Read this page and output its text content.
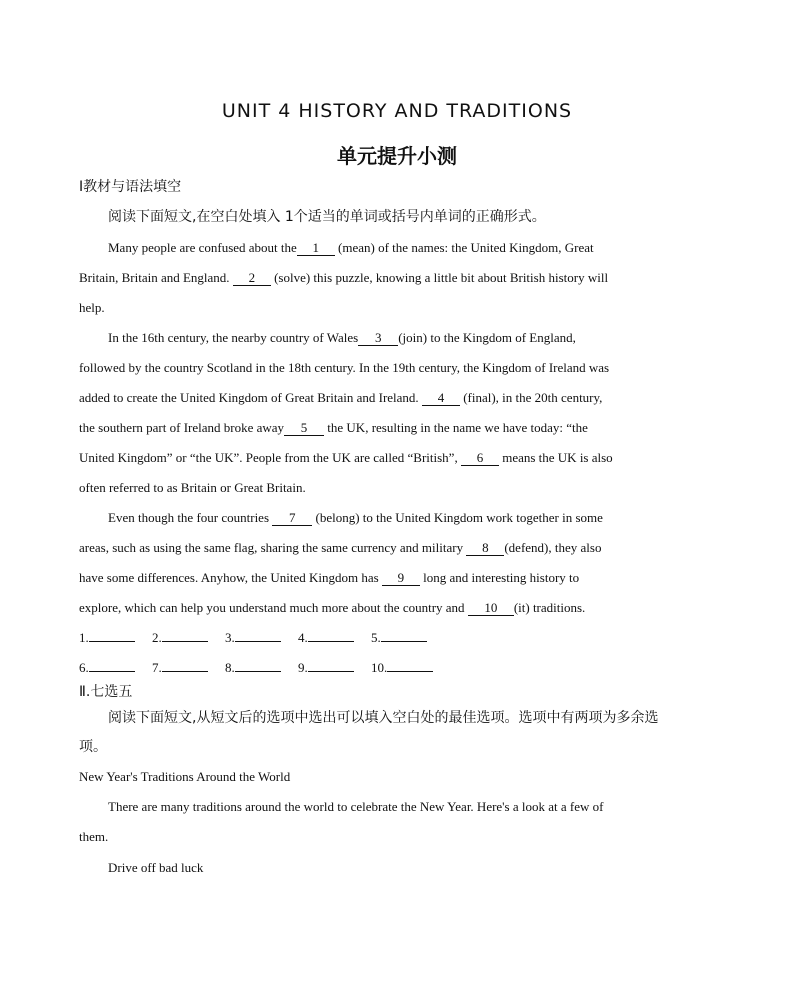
UNIT 4 HISTORY AND TRADITIONS
单元提升小测
Ⅰ教材与语法填空
阅读下面短文,在空白处填入 1个适当的单词或括号内单词的正确形式。
Many people are confused about the 1 (mean) of the names: the United Kingdom, Great
Britain, Britain and England. 2 (solve) this puzzle, knowing a little bit about British history will
help.
In the 16th century, the nearby country of Wales 3 (join) to the Kingdom of England,
followed by the country Scotland in the 18th century. In the 19th century, the Kingdom of Ireland was
added to create the United Kingdom of Great Britain and Ireland. 4 (final), in the 20th century,
the southern part of Ireland broke away 5 the UK, resulting in the name we have today: “the
United Kingdom” or “the UK”. People from the UK are called “British”, 6 means the UK is also
often referred to as Britain or Great Britain.
Even though the four countries 7 (belong) to the United Kingdom work together in some
areas, such as using the same flag, sharing the same currency and military 8 (defend), they also
have some differences. Anyhow, the United Kingdom has 9 long and interesting history to
explore, which can help you understand much more about the country and 10 (it) traditions.
1.	2.	3.	4.	5.
6.	7.	8.	9.	10.
Ⅱ.七选五
阅读下面短文,从短文后的选项中选出可以填入空白处的最佳选项。选项中有两项为多余选
项。
New Year's Traditions Around the World
There are many traditions around the world to celebrate the New Year. Here's a look at a few of
them.
Drive off bad luck
